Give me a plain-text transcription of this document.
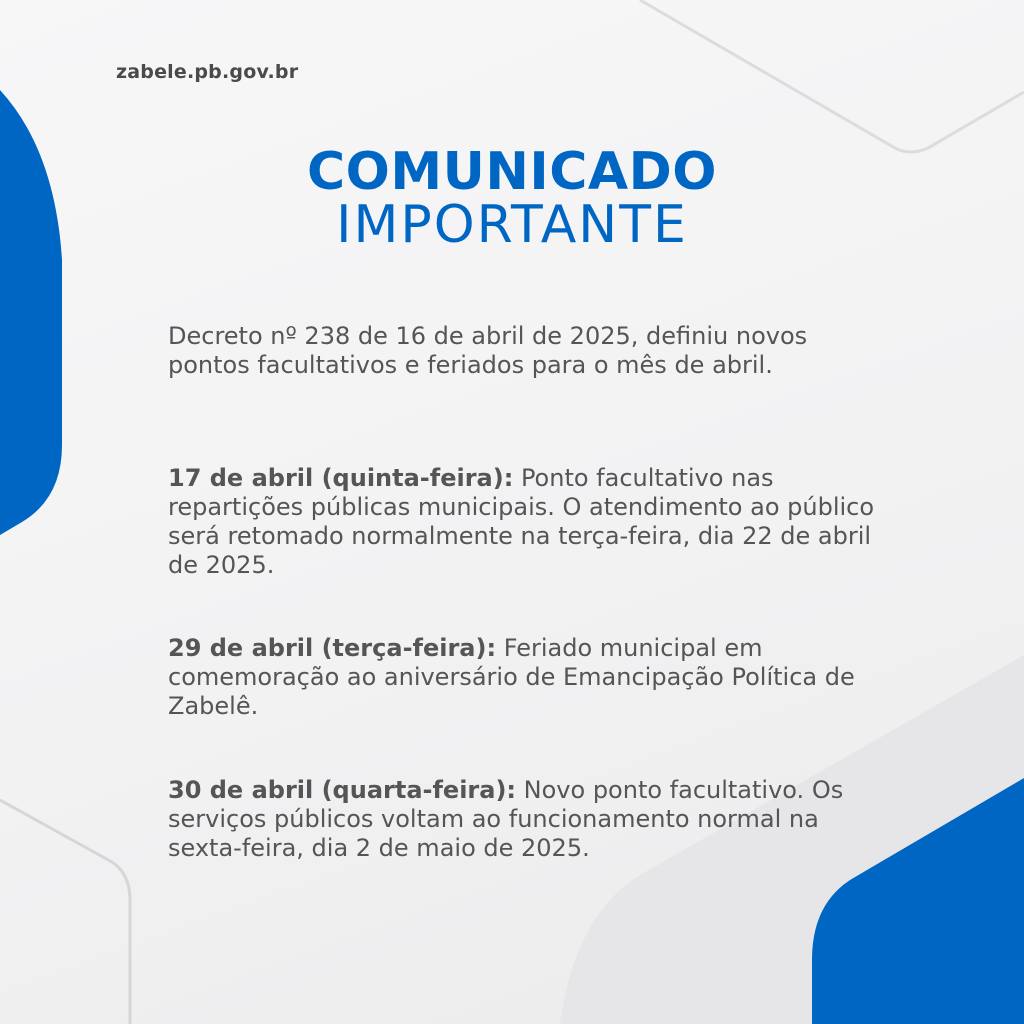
zabele.pb.gov.br

COMUNICADO
IMPORTANTE

Decreto nº 238 de 16 de abril de 2025, definiu novos pontos facultativos e feriados para o mês de abril.

17 de abril (quinta-feira): Ponto facultativo nas repartições públicas municipais. O atendimento ao público será retomado normalmente na terça-feira, dia 22 de abril de 2025.

29 de abril (terça-feira): Feriado municipal em comemoração ao aniversário de Emancipação Política de Zabelê.

30 de abril (quarta-feira): Novo ponto facultativo. Os serviços públicos voltam ao funcionamento normal na sexta-feira, dia 2 de maio de 2025.
